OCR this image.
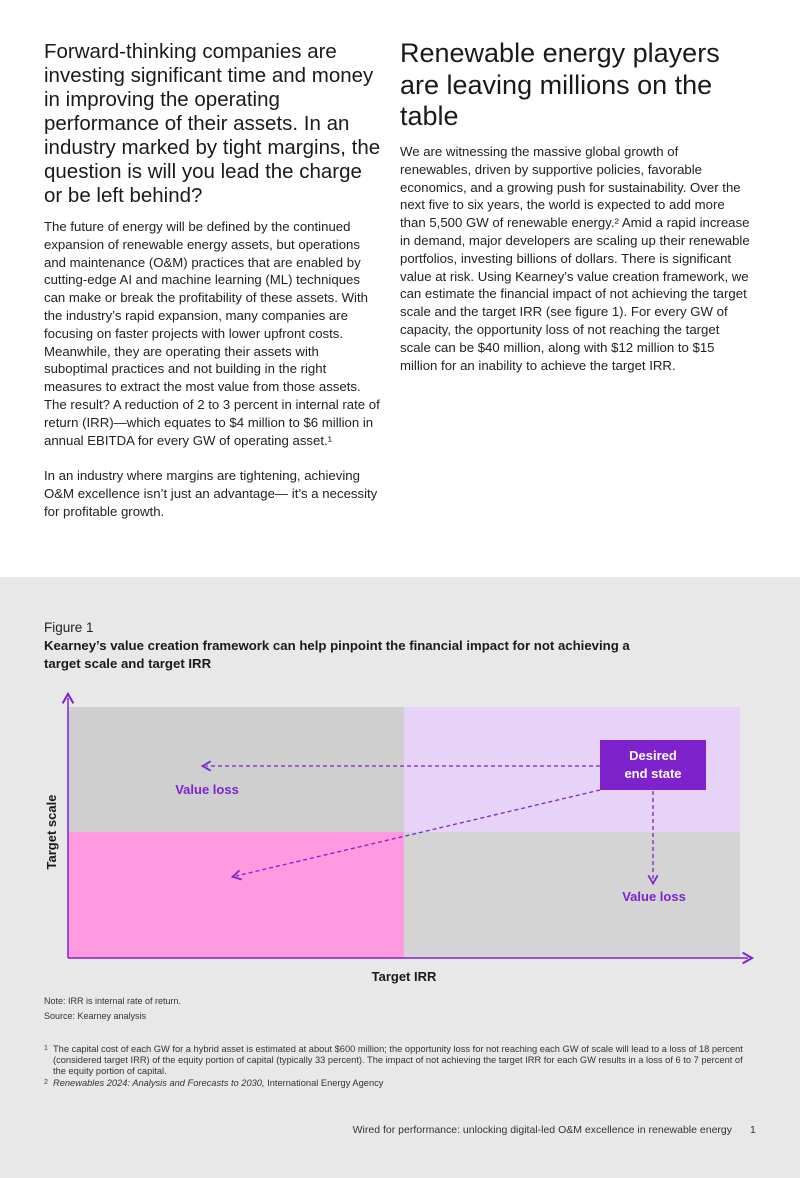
Forward-thinking companies are investing significant time and money in improving the operating performance of their assets. In an industry marked by tight margins, the question is will you lead the charge or be left behind?

The future of energy will be defined by the continued expansion of renewable energy assets, but operations and maintenance (O&M) practices that are enabled by cutting-edge AI and machine learning (ML) techniques can make or break the profitability of these assets. With the industry’s rapid expansion, many companies are focusing on faster projects with lower upfront costs. Meanwhile, they are operating their assets with suboptimal practices and not building in the right measures to extract the most value from those assets. The result? A reduction of 2 to 3 percent in internal rate of return (IRR)—which equates to $4 million to $6 million in annual EBITDA for every GW of operating asset.¹

In an industry where margins are tightening, achieving O&M excellence isn’t just an advantage— it’s a necessity for profitable growth.

Renewable energy players are leaving millions on the table

We are witnessing the massive global growth of renewables, driven by supportive policies, favorable economics, and a growing push for sustainability. Over the next five to six years, the world is expected to add more than 5,500 GW of renewable energy.² Amid a rapid increase in demand, major developers are scaling up their renewable portfolios, investing billions of dollars. There is significant value at risk. Using Kearney’s value creation framework, we can estimate the financial impact of not achieving the target scale and the target IRR (see figure 1). For every GW of capacity, the opportunity loss of not reaching the target scale can be $40 million, along with $12 million to $15 million for an inability to achieve the target IRR.

Figure 1
Kearney’s value creation framework can help pinpoint the financial impact for not achieving a target scale and target IRR
Target scale
Target IRR
Desired
end state
Value loss
Value loss
Note: IRR is internal rate of return.
Source: Kearney analysis
1 The capital cost of each GW for a hybrid asset is estimated at about $600 million; the opportunity loss for not reaching each GW of scale will lead to a loss of 18 percent (considered target IRR) of the equity portion of capital (typically 33 percent). The impact of not achieving the target IRR for each GW results in a loss of 6 to 7 percent of the equity portion of capital.
2 Renewables 2024: Analysis and Forecasts to 2030, International Energy Agency
Wired for performance: unlocking digital-led O&M excellence in renewable energy 1
